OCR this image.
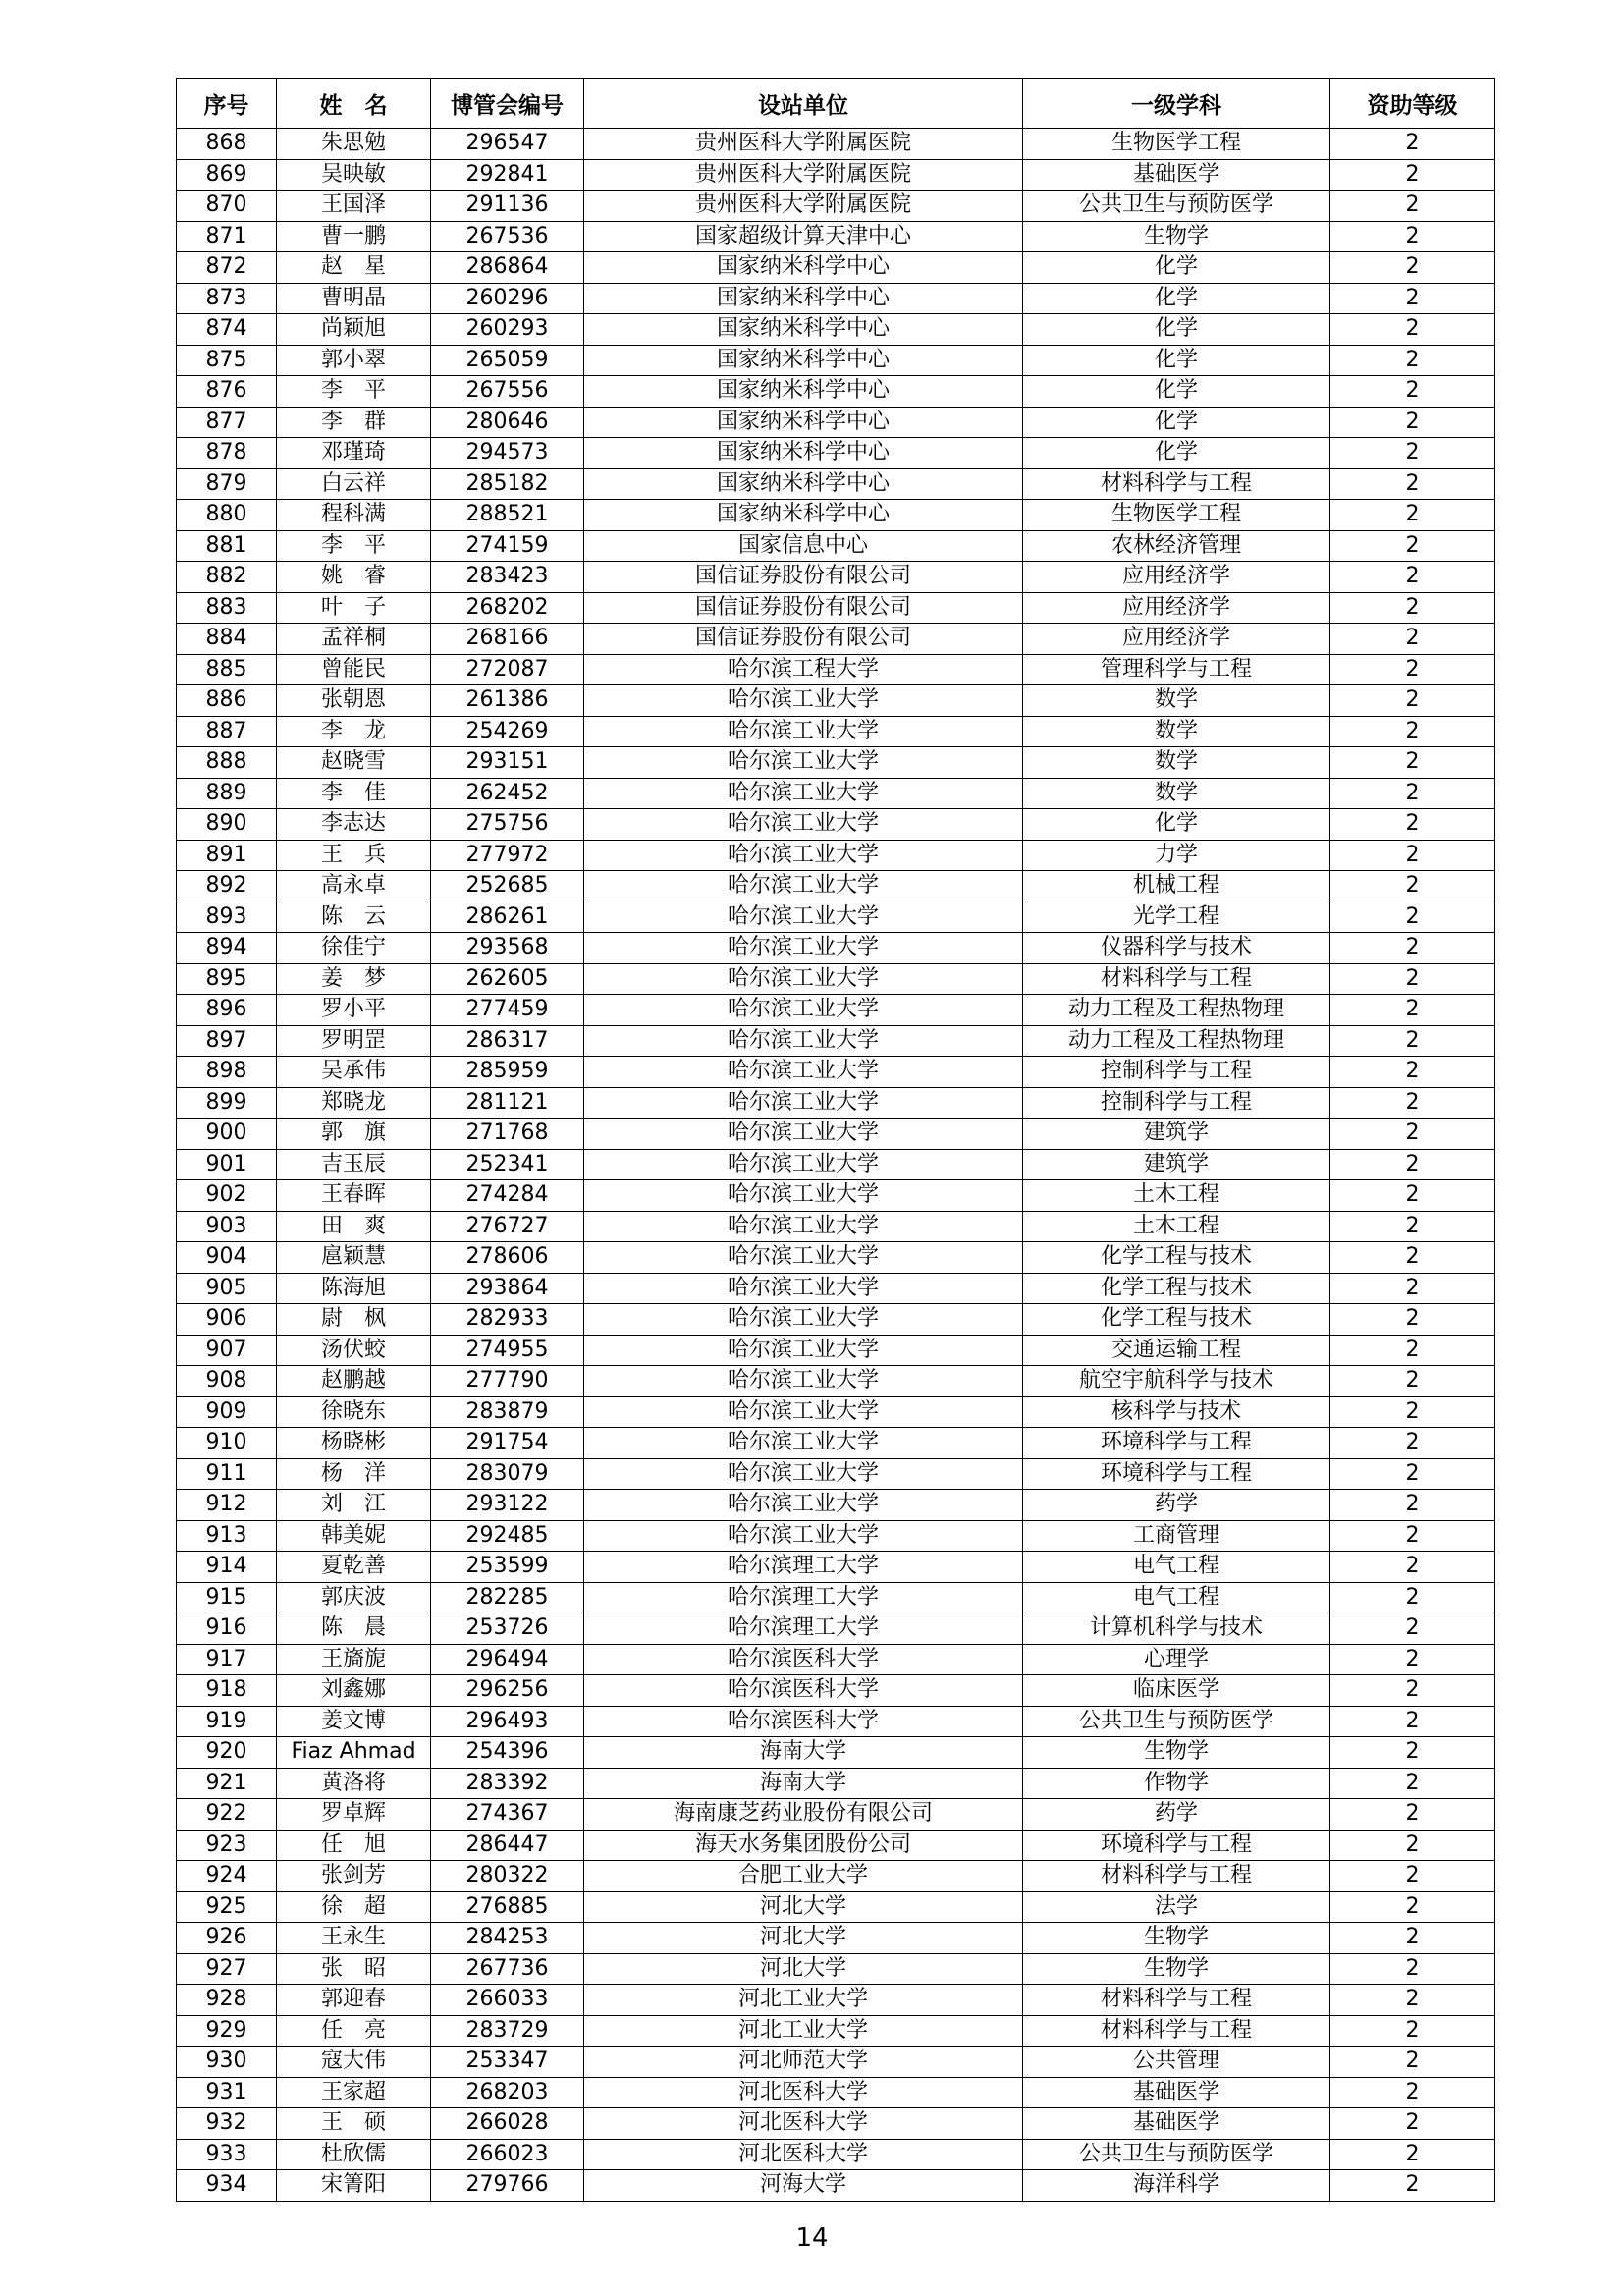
序号	姓　名	博管会编号	设站单位	一级学科	资助等级
868	朱思勉	296547	贵州医科大学附属医院	生物医学工程	2
869	吴映敏	292841	贵州医科大学附属医院	基础医学	2
870	王国泽	291136	贵州医科大学附属医院	公共卫生与预防医学	2
871	曹一鹏	267536	国家超级计算天津中心	生物学	2
872	赵　星	286864	国家纳米科学中心	化学	2
873	曹明晶	260296	国家纳米科学中心	化学	2
874	尚颖旭	260293	国家纳米科学中心	化学	2
875	郭小翠	265059	国家纳米科学中心	化学	2
876	李　平	267556	国家纳米科学中心	化学	2
877	李　群	280646	国家纳米科学中心	化学	2
878	邓瑾琦	294573	国家纳米科学中心	化学	2
879	白云祥	285182	国家纳米科学中心	材料科学与工程	2
880	程科满	288521	国家纳米科学中心	生物医学工程	2
881	李　平	274159	国家信息中心	农林经济管理	2
882	姚　睿	283423	国信证券股份有限公司	应用经济学	2
883	叶　子	268202	国信证券股份有限公司	应用经济学	2
884	孟祥桐	268166	国信证券股份有限公司	应用经济学	2
885	曾能民	272087	哈尔滨工程大学	管理科学与工程	2
886	张朝恩	261386	哈尔滨工业大学	数学	2
887	李　龙	254269	哈尔滨工业大学	数学	2
888	赵晓雪	293151	哈尔滨工业大学	数学	2
889	李　佳	262452	哈尔滨工业大学	数学	2
890	李志达	275756	哈尔滨工业大学	化学	2
891	王　兵	277972	哈尔滨工业大学	力学	2
892	高永卓	252685	哈尔滨工业大学	机械工程	2
893	陈　云	286261	哈尔滨工业大学	光学工程	2
894	徐佳宁	293568	哈尔滨工业大学	仪器科学与技术	2
895	姜　梦	262605	哈尔滨工业大学	材料科学与工程	2
896	罗小平	277459	哈尔滨工业大学	动力工程及工程热物理	2
897	罗明罡	286317	哈尔滨工业大学	动力工程及工程热物理	2
898	吴承伟	285959	哈尔滨工业大学	控制科学与工程	2
899	郑晓龙	281121	哈尔滨工业大学	控制科学与工程	2
900	郭　旗	271768	哈尔滨工业大学	建筑学	2
901	吉玉辰	252341	哈尔滨工业大学	建筑学	2
902	王春晖	274284	哈尔滨工业大学	土木工程	2
903	田　爽	276727	哈尔滨工业大学	土木工程	2
904	扈颖慧	278606	哈尔滨工业大学	化学工程与技术	2
905	陈海旭	293864	哈尔滨工业大学	化学工程与技术	2
906	尉　枫	282933	哈尔滨工业大学	化学工程与技术	2
907	汤伏蛟	274955	哈尔滨工业大学	交通运输工程	2
908	赵鹏越	277790	哈尔滨工业大学	航空宇航科学与技术	2
909	徐晓东	283879	哈尔滨工业大学	核科学与技术	2
910	杨晓彬	291754	哈尔滨工业大学	环境科学与工程	2
911	杨　洋	283079	哈尔滨工业大学	环境科学与工程	2
912	刘　江	293122	哈尔滨工业大学	药学	2
913	韩美妮	292485	哈尔滨工业大学	工商管理	2
914	夏乾善	253599	哈尔滨理工大学	电气工程	2
915	郭庆波	282285	哈尔滨理工大学	电气工程	2
916	陈　晨	253726	哈尔滨理工大学	计算机科学与技术	2
917	王旖旎	296494	哈尔滨医科大学	心理学	2
918	刘鑫娜	296256	哈尔滨医科大学	临床医学	2
919	姜文博	296493	哈尔滨医科大学	公共卫生与预防医学	2
920	Fiaz Ahmad	254396	海南大学	生物学	2
921	黄洛将	283392	海南大学	作物学	2
922	罗卓辉	274367	海南康芝药业股份有限公司	药学	2
923	任　旭	286447	海天水务集团股份公司	环境科学与工程	2
924	张剑芳	280322	合肥工业大学	材料科学与工程	2
925	徐　超	276885	河北大学	法学	2
926	王永生	284253	河北大学	生物学	2
927	张　昭	267736	河北大学	生物学	2
928	郭迎春	266033	河北工业大学	材料科学与工程	2
929	任　亮	283729	河北工业大学	材料科学与工程	2
930	寇大伟	253347	河北师范大学	公共管理	2
931	王家超	268203	河北医科大学	基础医学	2
932	王　硕	266028	河北医科大学	基础医学	2
933	杜欣儒	266023	河北医科大学	公共卫生与预防医学	2
934	宋箐阳	279766	河海大学	海洋科学	2
14
